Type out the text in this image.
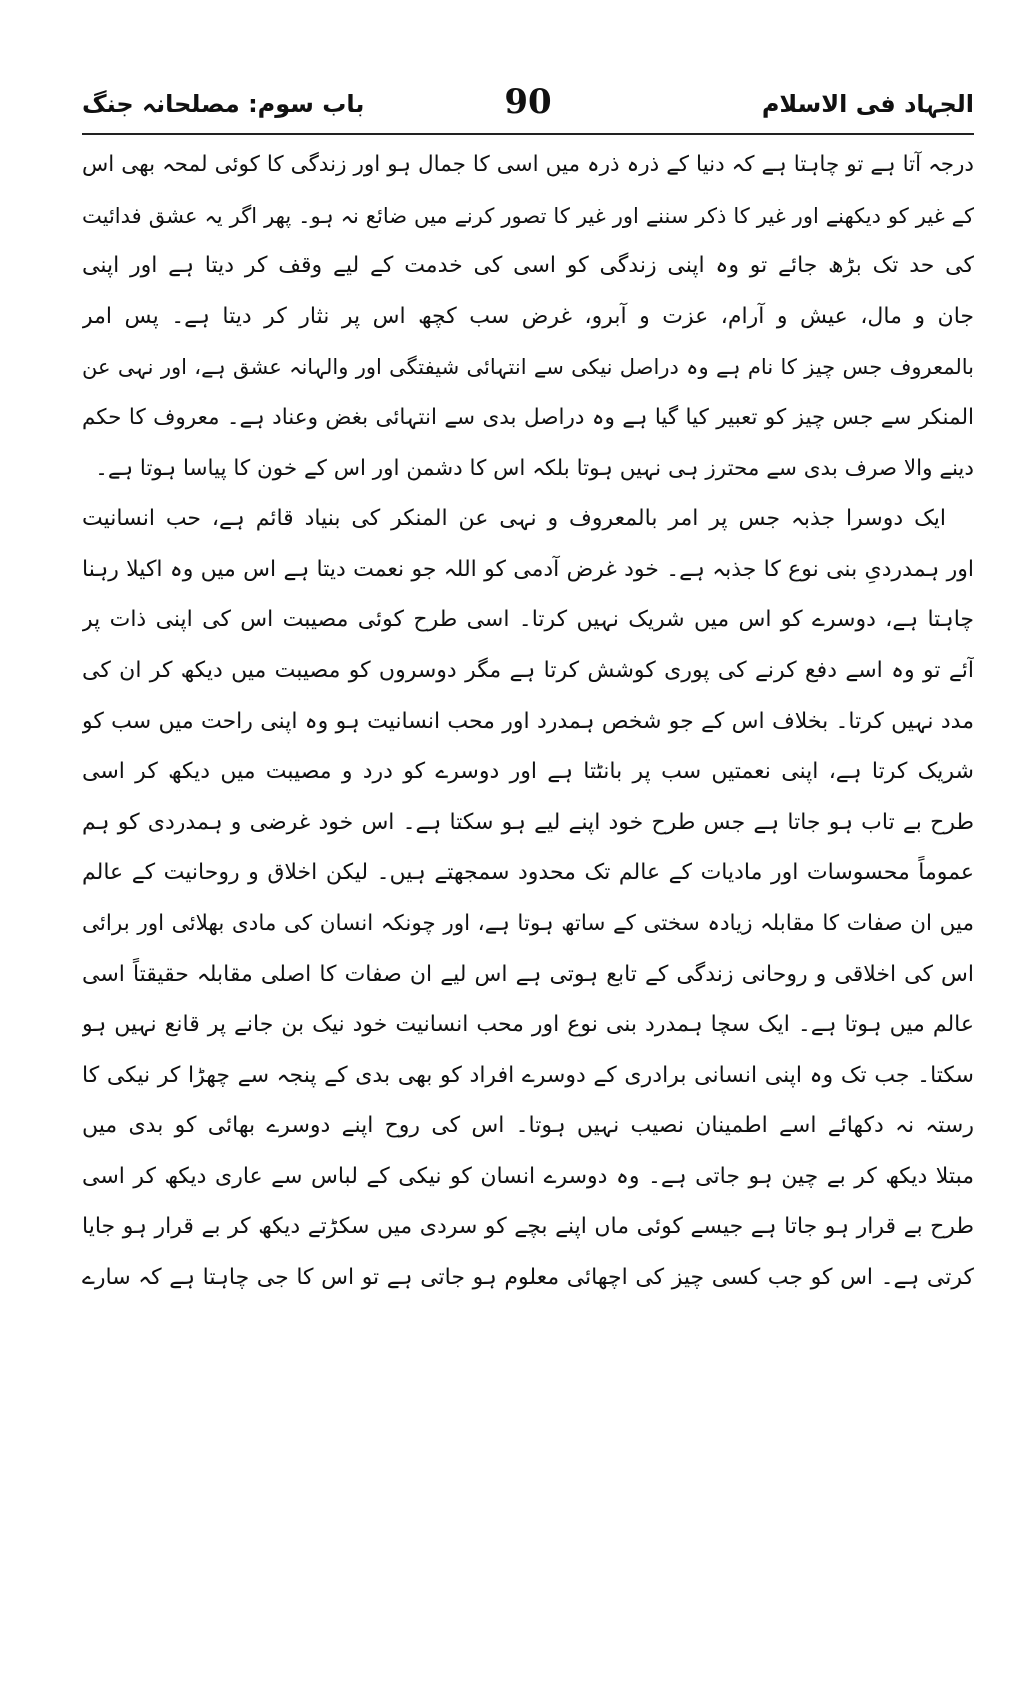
الجہاد فی الاسلام
90
باب سوم: مصلحانہ جنگ
درجہ آتا ہے تو چاہتا ہے کہ دنیا کے ذرہ ذرہ میں اسی کا جمال ہو اور زندگی کا کوئی لمحہ بھی اس
کے غیر کو دیکھنے اور غیر کا ذکر سننے اور غیر کا تصور کرنے میں ضائع نہ ہو۔ پھر اگر یہ عشق فدائیت
کی حد تک بڑھ جائے تو وہ اپنی زندگی کو اسی کی خدمت کے لیے وقف کر دیتا ہے اور اپنی
جان و مال، عیش و آرام، عزت و آبرو، غرض سب کچھ اس پر نثار کر دیتا ہے۔ پس امر
بالمعروف جس چیز کا نام ہے وہ دراصل نیکی سے انتہائی شیفتگی اور والہانہ عشق ہے، اور نہی عن
المنکر سے جس چیز کو تعبیر کیا گیا ہے وہ دراصل بدی سے انتہائی بغض وعناد ہے۔ معروف کا حکم
دینے والا صرف بدی سے محترز ہی نہیں ہوتا بلکہ اس کا دشمن اور اس کے خون کا پیاسا ہوتا ہے۔
ایک دوسرا جذبہ جس پر امر بالمعروف و نہی عن المنکر کی بنیاد قائم ہے، حب انسانیت
اور ہمدردیِ بنی نوع کا جذبہ ہے۔ خود غرض آدمی کو اللہ جو نعمت دیتا ہے اس میں وہ اکیلا رہنا
چاہتا ہے، دوسرے کو اس میں شریک نہیں کرتا۔ اسی طرح کوئی مصیبت اس کی اپنی ذات پر
آئے تو وہ اسے دفع کرنے کی پوری کوشش کرتا ہے مگر دوسروں کو مصیبت میں دیکھ کر ان کی
مدد نہیں کرتا۔ بخلاف اس کے جو شخص ہمدرد اور محب انسانیت ہو وہ اپنی راحت میں سب کو
شریک کرتا ہے، اپنی نعمتیں سب پر بانٹتا ہے اور دوسرے کو درد و مصیبت میں دیکھ کر اسی
طرح بے تاب ہو جاتا ہے جس طرح خود اپنے لیے ہو سکتا ہے۔ اس خود غرضی و ہمدردی کو ہم
عموماً محسوسات اور مادیات کے عالم تک محدود سمجھتے ہیں۔ لیکن اخلاق و روحانیت کے عالم
میں ان صفات کا مقابلہ زیادہ سختی کے ساتھ ہوتا ہے، اور چونکہ انسان کی مادی بھلائی اور برائی
اس کی اخلاقی و روحانی زندگی کے تابع ہوتی ہے اس لیے ان صفات کا اصلی مقابلہ حقیقتاً اسی
عالم میں ہوتا ہے۔ ایک سچا ہمدرد بنی نوع اور محب انسانیت خود نیک بن جانے پر قانع نہیں ہو
سکتا۔ جب تک وہ اپنی انسانی برادری کے دوسرے افراد کو بھی بدی کے پنجہ سے چھڑا کر نیکی کا
رستہ نہ دکھائے اسے اطمینان نصیب نہیں ہوتا۔ اس کی روح اپنے دوسرے بھائی کو بدی میں
مبتلا دیکھ کر بے چین ہو جاتی ہے۔ وہ دوسرے انسان کو نیکی کے لباس سے عاری دیکھ کر اسی
طرح بے قرار ہو جاتا ہے جیسے کوئی ماں اپنے بچے کو سردی میں سکڑتے دیکھ کر بے قرار ہو جایا
کرتی ہے۔ اس کو جب کسی چیز کی اچھائی معلوم ہو جاتی ہے تو اس کا جی چاہتا ہے کہ سارے
